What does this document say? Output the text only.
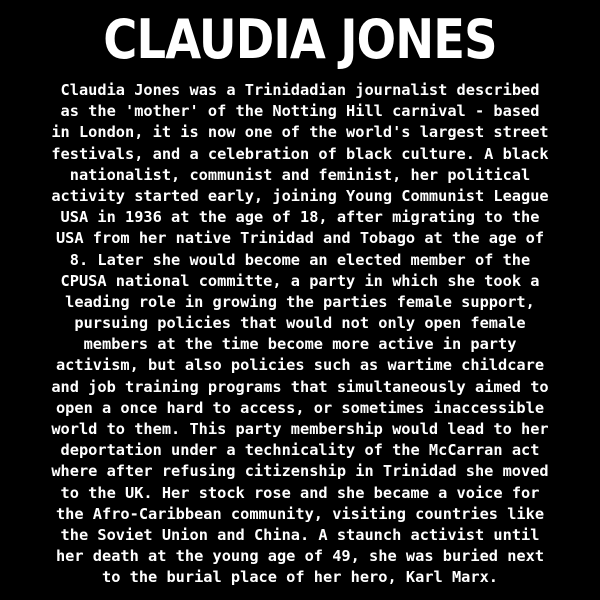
CLAUDIA JONES
Claudia Jones was a Trinidadian journalist described
as the 'mother' of the Notting Hill carnival - based
in London, it is now one of the world's largest street
festivals, and a celebration of black culture. A black
nationalist, communist and feminist, her political
activity started early, joining Young Communist League
USA in 1936 at the age of 18, after migrating to the
USA from her native Trinidad and Tobago at the age of
8. Later she would become an elected member of the
CPUSA national committe, a party in which she took a
leading role in growing the parties female support,
pursuing policies that would not only open female
members at the time become more active in party
activism, but also policies such as wartime childcare
and job training programs that simultaneously aimed to
open a once hard to access, or sometimes inaccessible
world to them. This party membership would lead to her
deportation under a technicality of the McCarran act
where after refusing citizenship in Trinidad she moved
to the UK. Her stock rose and she became a voice for
the Afro-Caribbean community, visiting countries like
the Soviet Union and China. A staunch activist until
her death at the young age of 49, she was buried next
to the burial place of her hero, Karl Marx.
